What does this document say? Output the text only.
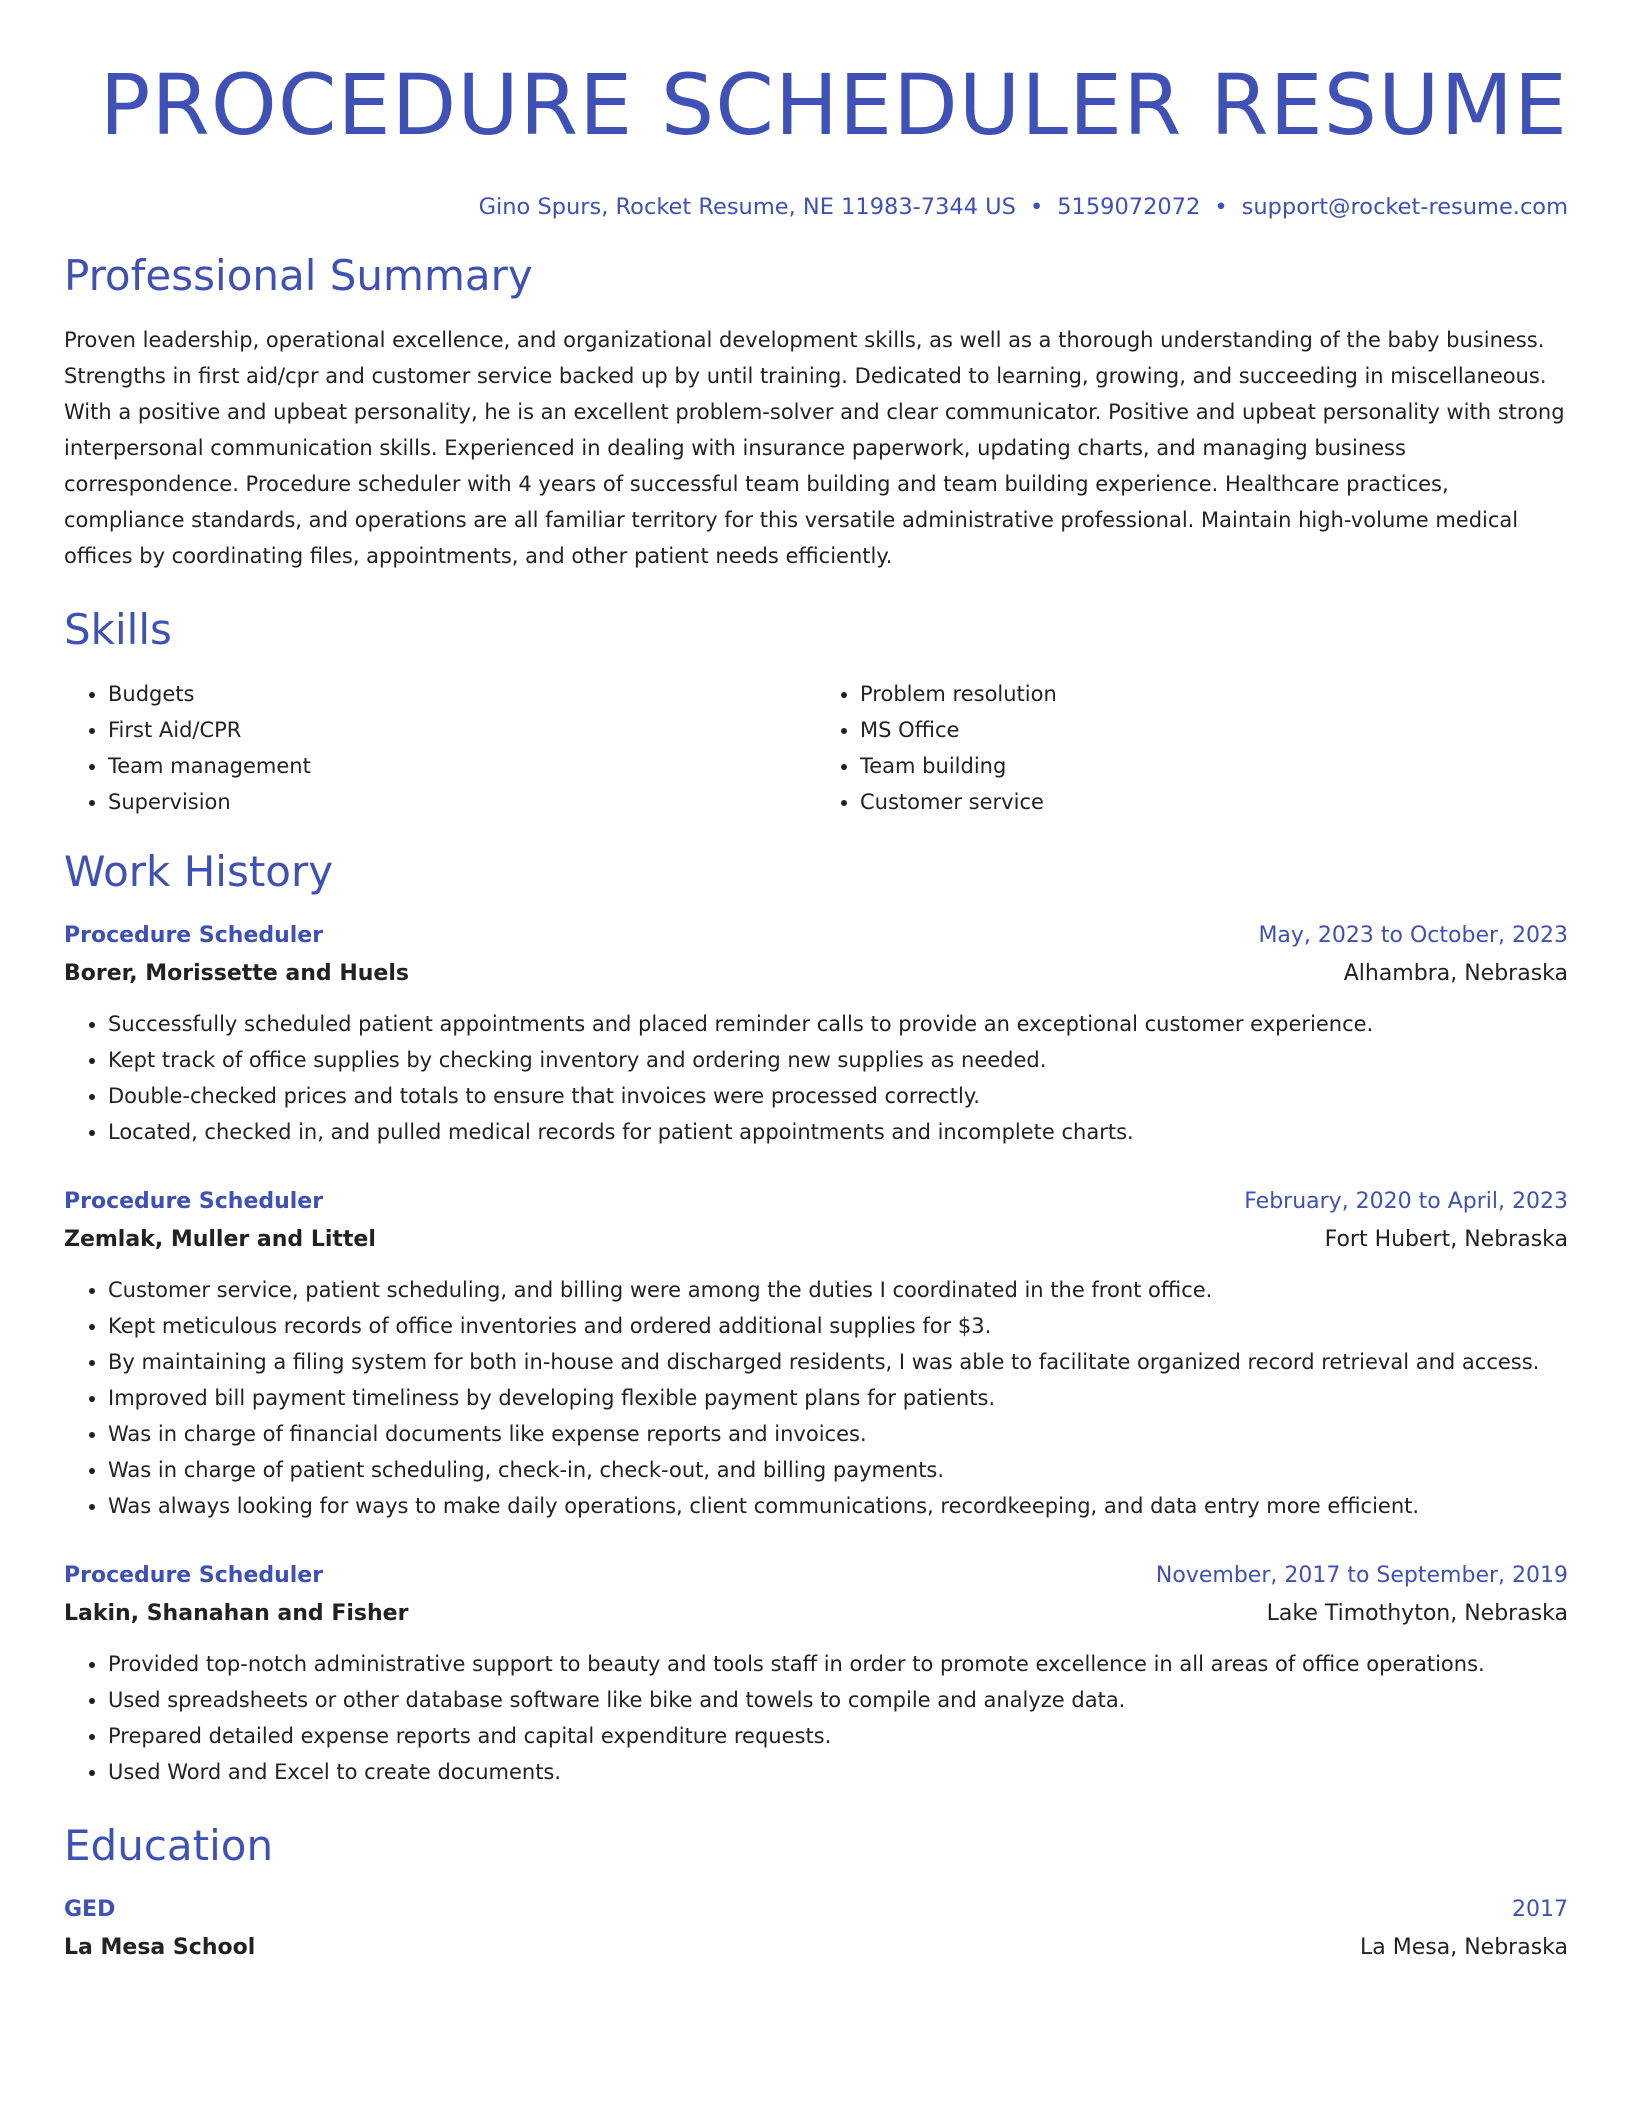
PROCEDURE SCHEDULER RESUME
Gino Spurs, Rocket Resume, NE 11983-7344 US • 5159072072 • support@rocket-resume.com
Professional Summary

Proven leadership, operational excellence, and organizational development skills, as well as a thorough understanding of the baby business. Strengths in first aid/cpr and customer service backed up by until training. Dedicated to learning, growing, and succeeding in miscellaneous. With a positive and upbeat personality, he is an excellent problem-solver and clear communicator. Positive and upbeat personality with strong interpersonal communication skills. Experienced in dealing with insurance paperwork, updating charts, and managing business correspondence. Procedure scheduler with 4 years of successful team building and team building experience. Healthcare practices, compliance standards, and operations are all familiar territory for this versatile administrative professional. Maintain high-volume medical offices by coordinating files, appointments, and other patient needs efficiently.

Skills
• Budgets
• First Aid/CPR
• Team management
• Supervision
• Problem resolution
• MS Office
• Team building
• Customer service
Work History
Procedure Scheduler	May, 2023 to October, 2023
Borer, Morissette and Huels	Alhambra, Nebraska
• Successfully scheduled patient appointments and placed reminder calls to provide an exceptional customer experience.
• Kept track of office supplies by checking inventory and ordering new supplies as needed.
• Double-checked prices and totals to ensure that invoices were processed correctly.
• Located, checked in, and pulled medical records for patient appointments and incomplete charts.
Procedure Scheduler	February, 2020 to April, 2023
Zemlak, Muller and Littel	Fort Hubert, Nebraska
• Customer service, patient scheduling, and billing were among the duties I coordinated in the front office.
• Kept meticulous records of office inventories and ordered additional supplies for $3.
• By maintaining a filing system for both in-house and discharged residents, I was able to facilitate organized record retrieval and access.
• Improved bill payment timeliness by developing flexible payment plans for patients.
• Was in charge of financial documents like expense reports and invoices.
• Was in charge of patient scheduling, check-in, check-out, and billing payments.
• Was always looking for ways to make daily operations, client communications, recordkeeping, and data entry more efficient.
Procedure Scheduler	November, 2017 to September, 2019
Lakin, Shanahan and Fisher	Lake Timothyton, Nebraska
• Provided top-notch administrative support to beauty and tools staff in order to promote excellence in all areas of office operations.
• Used spreadsheets or other database software like bike and towels to compile and analyze data.
• Prepared detailed expense reports and capital expenditure requests.
• Used Word and Excel to create documents.
Education
GED	2017
La Mesa School	La Mesa, Nebraska
